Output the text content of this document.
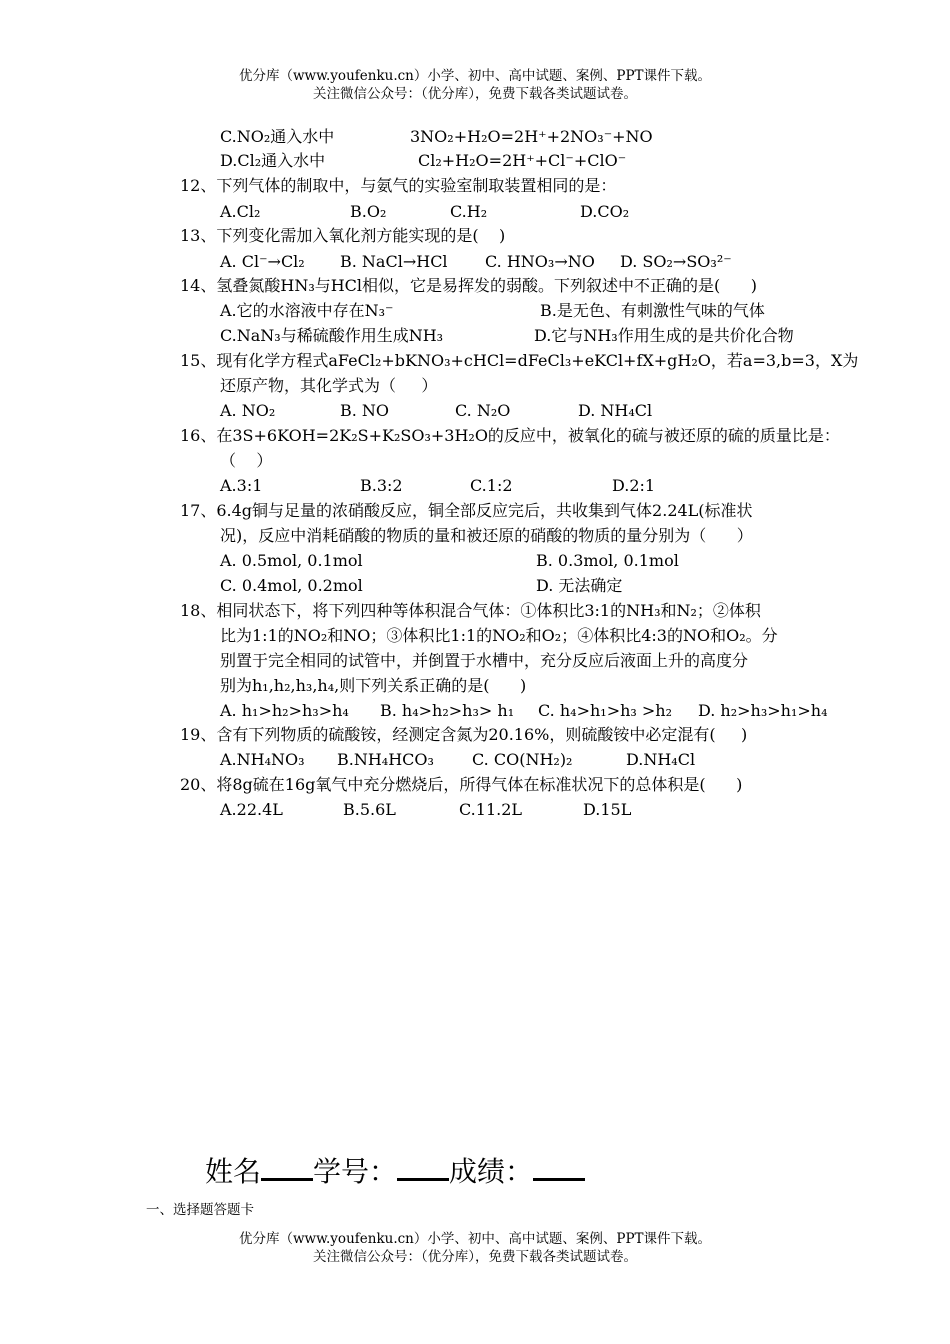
优分库（www.youfenku.cn）小学、初中、高中试题、案例、PPT课件下载。
关注微信公众号：（优分库），免费下载各类试题试卷。
C.NO₂通入水中	3NO₂+H₂O=2H⁺+2NO₃⁻+NO
D.Cl₂通入水中	Cl₂+H₂O=2H⁺+Cl⁻+ClO⁻
12、下列气体的制取中，与氨气的实验室制取装置相同的是：
A.Cl₂	B.O₂	C.H₂	D.CO₂
13、下列变化需加入氧化剂方能实现的是(    )
A. Cl⁻→Cl₂ B. NaCl→HCl C. HNO₃→NO D. SO₂→SO₃²⁻
14、氢叠氮酸HN₃与HCl相似，它是易挥发的弱酸。下列叙述中不正确的是(      )
A.它的水溶液中存在N₃⁻	B.是无色、有刺激性气味的气体
C.NaN₃与稀硫酸作用生成NH₃	D.它与NH₃作用生成的是共价化合物
15、现有化学方程式aFeCl₂+bKNO₃+cHCl=dFeCl₃+eKCl+fX+gH₂O，若a=3,b=3，X为
还原产物，其化学式为（     ）
A. NO₂	B. NO	C. N₂O	D. NH₄Cl
16、在3S+6KOH=2K₂S+K₂SO₃+3H₂O的反应中，被氧化的硫与被还原的硫的质量比是：
（    ）
A.3:1	B.3:2	C.1:2	D.2:1
17、6.4g铜与足量的浓硝酸反应，铜全部反应完后，共收集到气体2.24L(标准状
况)，反应中消耗硝酸的物质的量和被还原的硝酸的物质的量分别为（      ）
A. 0.5mol, 0.1mol	B. 0.3mol, 0.1mol
C. 0.4mol, 0.2mol	D. 无法确定
18、相同状态下，将下列四种等体积混合气体：①体积比3:1的NH₃和N₂；②体积
比为1:1的NO₂和NO；③体积比1:1的NO₂和O₂；④体积比4:3的NO和O₂。分
别置于完全相同的试管中，并倒置于水槽中，充分反应后液面上升的高度分
别为h₁,h₂,h₃,h₄,则下列关系正确的是(      )
A. h₁>h₂>h₃>h₄ B. h₄>h₂>h₃> h₁ C. h₄>h₁>h₃ >h₂ D. h₂>h₃>h₁>h₄
19、含有下列物质的硫酸铵，经测定含氮为20.16%，则硫酸铵中必定混有(     )
A.NH₄NO₃ B.NH₄HCO₃ C. CO(NH₂)₂	D.NH₄Cl
20、将8g硫在16g氧气中充分燃烧后，所得气体在标准状况下的总体积是(      )
A.22.4L	B.5.6L	C.11.2L	D.15L
姓名 学号： 成绩：
一、选择题答题卡
优分库（www.youfenku.cn）小学、初中、高中试题、案例、PPT课件下载。
关注微信公众号：（优分库），免费下载各类试题试卷。
